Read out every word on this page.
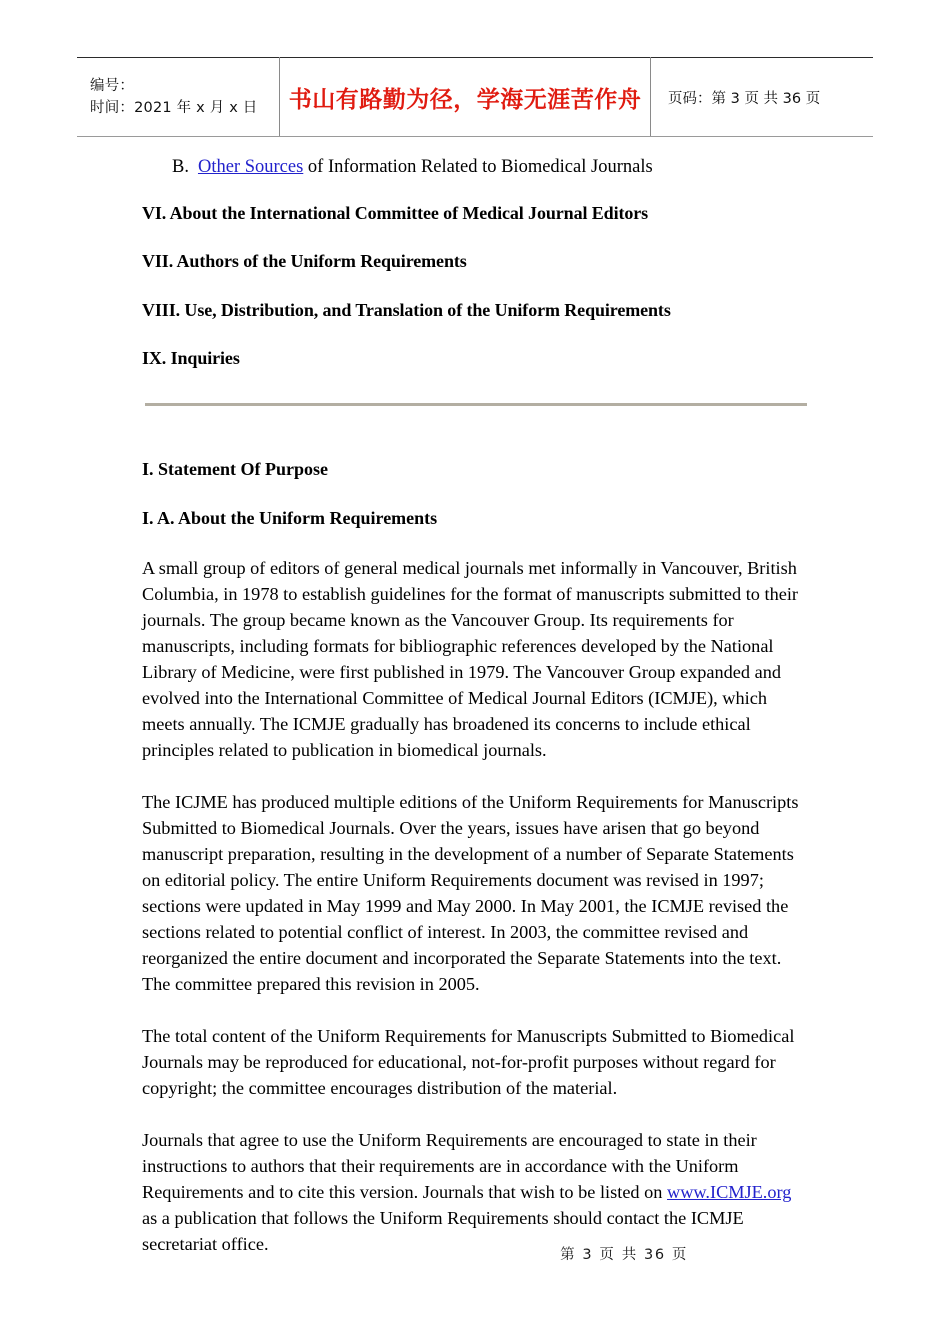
编号：
时间：2021 年 x 月 x 日	书山有路勤为径，学海无涯苦作舟	页码：第 3 页 共 36 页

B. Other Sources of Information Related to Biomedical Journals

VI. About the International Committee of Medical Journal Editors
VII. Authors of the Uniform Requirements
VIII. Use, Distribution, and Translation of the Uniform Requirements
IX. Inquiries
I. Statement Of Purpose
I. A. About the Uniform Requirements

A small group of editors of general medical journals met informally in Vancouver, British Columbia, in 1978 to establish guidelines for the format of manuscripts submitted to their journals. The group became known as the Vancouver Group. Its requirements for manuscripts, including formats for bibliographic references developed by the National Library of Medicine, were first published in 1979. The Vancouver Group expanded and evolved into the International Committee of Medical Journal Editors (ICMJE), which meets annually. The ICMJE gradually has broadened its concerns to include ethical principles related to publication in biomedical journals.

The ICJME has produced multiple editions of the Uniform Requirements for Manuscripts Submitted to Biomedical Journals. Over the years, issues have arisen that go beyond manuscript preparation, resulting in the development of a number of Separate Statements on editorial policy. The entire Uniform Requirements document was revised in 1997; sections were updated in May 1999 and May 2000. In May 2001, the ICMJE revised the sections related to potential conflict of interest. In 2003, the committee revised and reorganized the entire document and incorporated the Separate Statements into the text. The committee prepared this revision in 2005.

The total content of the Uniform Requirements for Manuscripts Submitted to Biomedical Journals may be reproduced for educational, not-for-profit purposes without regard for copyright; the committee encourages distribution of the material.

Journals that agree to use the Uniform Requirements are encouraged to state in their instructions to authors that their requirements are in accordance with the Uniform Requirements and to cite this version. Journals that wish to be listed on www.ICMJE.org as a publication that follows the Uniform Requirements should contact the ICMJE secretariat office.

第 3 页 共 36 页
